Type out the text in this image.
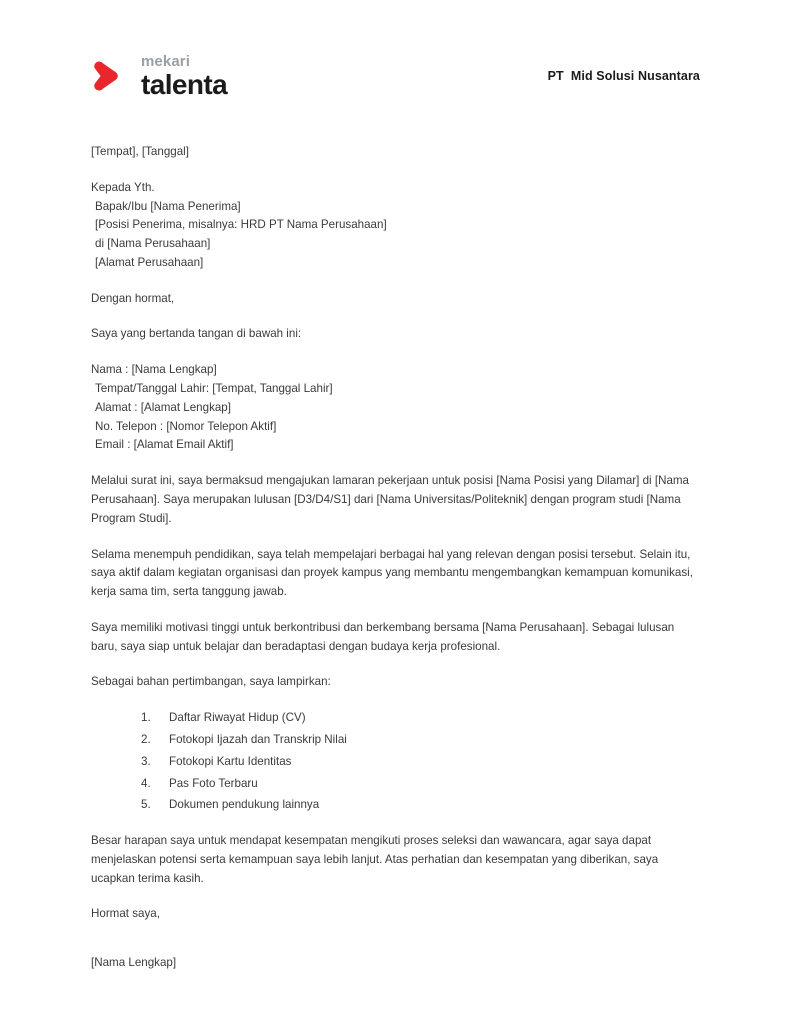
mekari
talenta	PT  Mid Solusi Nusantara
[Tempat], [Tanggal]
Kepada Yth.
Bapak/Ibu [Nama Penerima]
[Posisi Penerima, misalnya: HRD PT Nama Perusahaan]
di [Nama Perusahaan]
[Alamat Perusahaan]
Dengan hormat,
Saya yang bertanda tangan di bawah ini:
Nama : [Nama Lengkap]
Tempat/Tanggal Lahir: [Tempat, Tanggal Lahir]
Alamat : [Alamat Lengkap]
No. Telepon : [Nomor Telepon Aktif]
Email : [Alamat Email Aktif]

Melalui surat ini, saya bermaksud mengajukan lamaran pekerjaan untuk posisi [Nama Posisi yang Dilamar] di [Nama Perusahaan]. Saya merupakan lulusan [D3/D4/S1] dari [Nama Universitas/Politeknik] dengan program studi [Nama Program Studi].

Selama menempuh pendidikan, saya telah mempelajari berbagai hal yang relevan dengan posisi tersebut. Selain itu, saya aktif dalam kegiatan organisasi dan proyek kampus yang membantu mengembangkan kemampuan komunikasi, kerja sama tim, serta tanggung jawab.

Saya memiliki motivasi tinggi untuk berkontribusi dan berkembang bersama [Nama Perusahaan]. Sebagai lulusan baru, saya siap untuk belajar dan beradaptasi dengan budaya kerja profesional.

Sebagai bahan pertimbangan, saya lampirkan:

Daftar Riwayat Hidup (CV)
Fotokopi Ijazah dan Transkrip Nilai
Fotokopi Kartu Identitas
Pas Foto Terbaru
Dokumen pendukung lainnya

Besar harapan saya untuk mendapat kesempatan mengikuti proses seleksi dan wawancara, agar saya dapat menjelaskan potensi serta kemampuan saya lebih lanjut. Atas perhatian dan kesempatan yang diberikan, saya ucapkan terima kasih.

Hormat saya,
[Nama Lengkap]
